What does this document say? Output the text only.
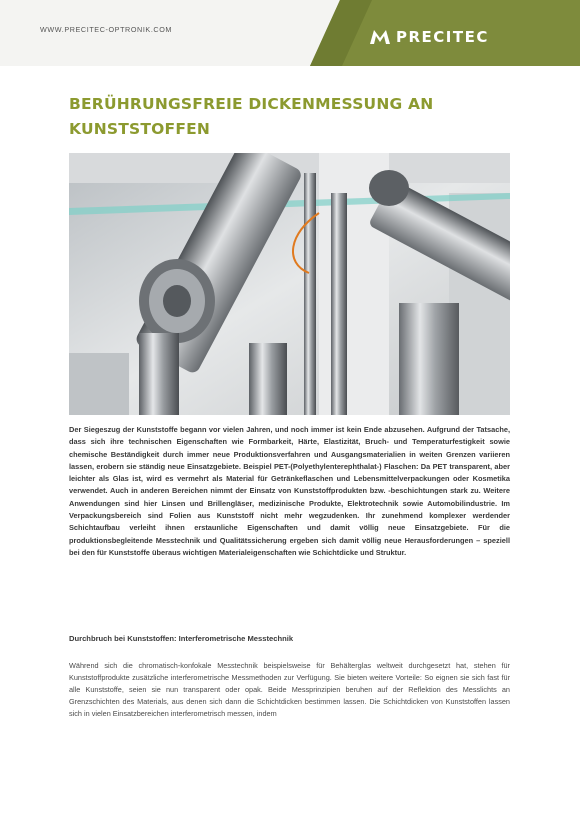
WWW.PRECITEC-OPTRONIK.COM	PRECITEC
BERÜHRUNGSFREIE DICKENMESSUNG AN KUNSTSTOFFEN

Der Siegeszug der Kunststoffe begann vor vielen Jahren, und noch immer ist kein Ende abzusehen. Aufgrund der Tatsache, dass sich ihre technischen Eigenschaften wie Formbarkeit, Härte, Elastizität, Bruch- und Temperaturfestigkeit sowie chemische Beständigkeit durch immer neue Produktionsverfahren und Ausgangsmaterialien in weiten Grenzen variieren lassen, erobern sie ständig neue Einsatzgebiete. Beispiel PET-(Polyethylenterephthalat-) Flaschen: Da PET transparent, aber leichter als Glas ist, wird es vermehrt als Material für Getränkeflaschen und Lebensmittelverpackungen oder Kosmetika verwendet. Auch in anderen Bereichen nimmt der Einsatz von Kunststoffprodukten bzw. -beschichtungen stark zu. Weitere Anwendungen sind hier Linsen und Brillengläser, medizinische Produkte, Elektrotechnik sowie Automobilindustrie. Im Verpackungsbereich sind Folien aus Kunststoff nicht mehr wegzudenken. Ihr zunehmend komplexer werdender Schichtaufbau verleiht ihnen erstaunliche Eigenschaften und damit völlig neue Einsatzgebiete. Für die produktionsbegleitende Messtechnik und Qualitätssicherung ergeben sich damit völlig neue Herausforderungen – speziell bei den für Kunststoffe überaus wichtigen Materialeigenschaften wie Schichtdicke und Struktur.

Durchbruch bei Kunststoffen: Interferometrische Messtechnik

Während sich die chromatisch-konfokale Messtechnik beispielsweise für Behälterglas weltweit durchgesetzt hat, stehen für Kunststoffprodukte zusätzliche interferometrische Messmethoden zur Verfügung. Sie bieten weitere Vorteile: So eignen sie sich fast für alle Kunststoffe, seien sie nun transparent oder opak. Beide Messprinzipien beruhen auf der Reflektion des Messlichts an Grenzschichten des Materials, aus denen sich dann die Schichtdicken bestimmen lassen. Die Schichtdicken von Kunststoffen lassen sich in vielen Einsatzbereichen interferometrisch messen, indem
